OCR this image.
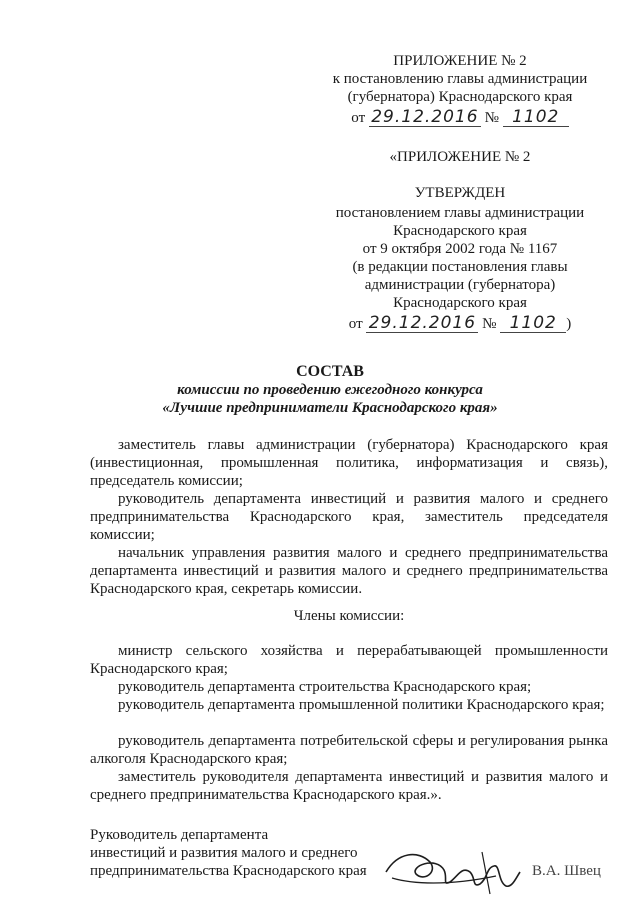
ПРИЛОЖЕНИЕ № 2
к постановлению главы администрации
(губернатора) Краснодарского края
от 29.12.2016 № 1102
«ПРИЛОЖЕНИЕ № 2
УТВЕРЖДЕН
постановлением главы администрации
Краснодарского края
от 9 октября 2002 года № 1167
(в редакции постановления главы
администрации (губернатора)
Краснодарского края
от 29.12.2016 № 1102 )
СОСТАВ
комиссии по проведению ежегодного конкурса
«Лучшие предприниматели Краснодарского края»
заместитель главы администрации (губернатора) Краснодарского края (инвестиционная, промышленная политика, информатизация и связь), председатель комиссии;
руководитель департамента инвестиций и развития малого и среднего предпринимательства Краснодарского края, заместитель председателя комиссии;
начальник управления развития малого и среднего предпринимательства департамента инвестиций и развития малого и среднего предпринимательства Краснодарского края, секретарь комиссии.
Члены комиссии:
министр сельского хозяйства и перерабатывающей промышленности Краснодарского края;
руководитель департамента строительства Краснодарского края;
руководитель департамента промышленной политики Краснодарского края;
руководитель департамента потребительской сферы и регулирования рынка алкоголя Краснодарского края;
заместитель руководителя департамента инвестиций и развития малого и среднего предпринимательства Краснодарского края.».
Руководитель департамента
инвестиций и развития малого и среднего
предпринимательства Краснодарского края	В.А. Швец
